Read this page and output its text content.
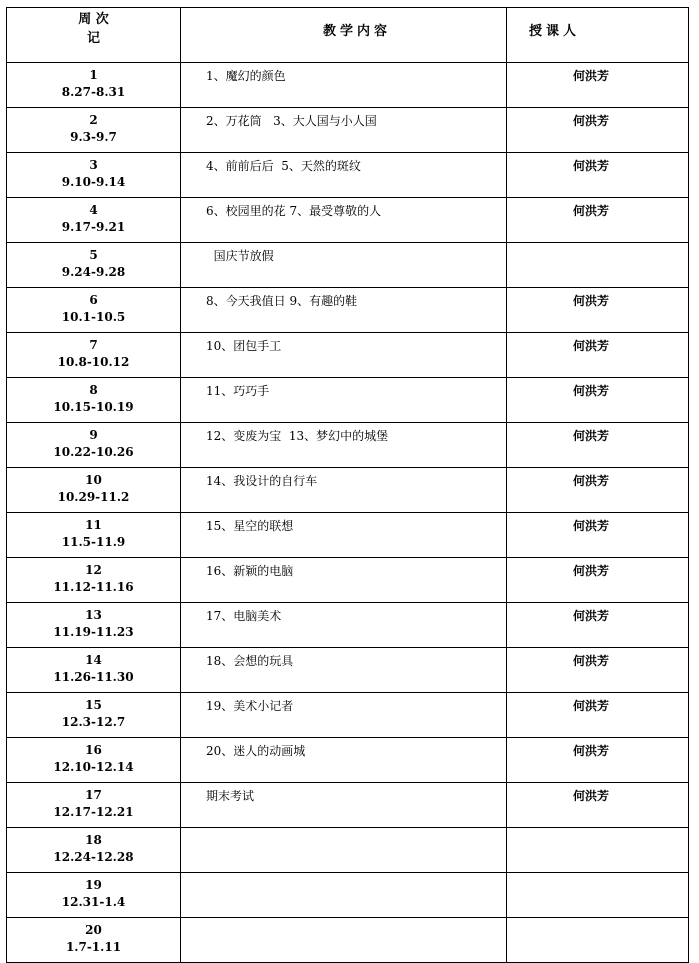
周 次
记	教学内容	授课人

1
8.27-8.31	1、魔幻的颜色	何洪芳

2
9.3-9.7	2、万花筒   3、大人国与小人国	何洪芳

3
9.10-9.14	4、前前后后  5、天然的斑纹	何洪芳

4
9.17-9.21	6、校园里的花 7、最受尊敬的人	何洪芳

5
9.24-9.28	国庆节放假	

6
10.1-10.5	8、今天我值日 9、有趣的鞋	何洪芳

7
10.8-10.12	10、团包手工	何洪芳

8
10.15-10.19	11、巧巧手	何洪芳

9
10.22-10.26	12、变废为宝  13、梦幻中的城堡	何洪芳

10
10.29-11.2	14、我设计的自行车	何洪芳

11
11.5-11.9	15、星空的联想	何洪芳

12
11.12-11.16	16、新颖的电脑	何洪芳

13
11.19-11.23	17、电脑美术	何洪芳

14
11.26-11.30	18、会想的玩具	何洪芳

15
12.3-12.7	19、美术小记者	何洪芳

16
12.10-12.14	20、迷人的动画城	何洪芳

17
12.17-12.21	期末考试	何洪芳

18
12.24-12.28		

19
12.31-1.4		

20
1.7-1.11		
